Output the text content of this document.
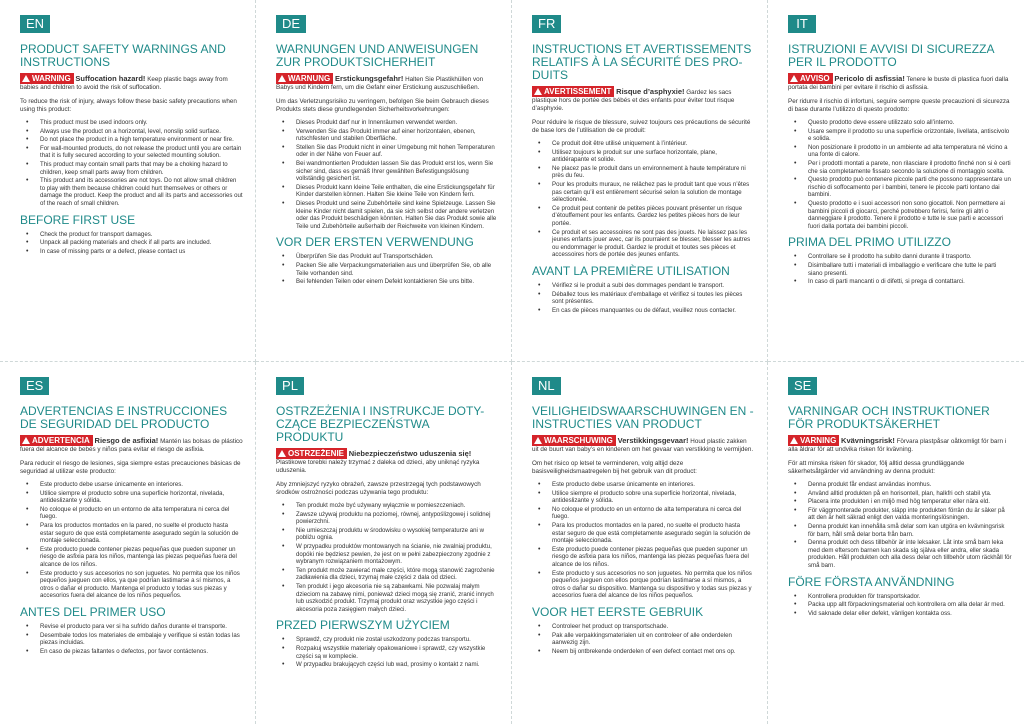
EN
PRODUCT SAFETY WARNINGS AND INSTRUCTIONS
WARNING Suffocation hazard! Keep plastic bags away from babies and children to avoid the risk of suffocation.

To reduce the risk of injury, always follow these basic safety precautions when using this product:

• This product must be used indoors only.
• Always use the product on a horizontal, level, nonslip solid surface.
• Do not place the product in a high temperature environment or near fire.
• For wall-mounted products, do not release the product until you are certain that it is fully secured according to your selected mounting solution.
• This product may contain small parts that may be a choking hazard to children, keep small parts away from children.
• This product and its accessories are not toys. Do not allow small children to play with them because children could hurt themselves or others or damage the product. Keep the product and all its parts and accessories out of the reach of small children.
BEFORE FIRST USE
• Check the product for transport damages.
• Unpack all packing materials and check if all parts are included.
• In case of missing parts or a defect, please contact us
DE
WARNUNGEN UND ANWEISUNGEN ZUR PRODUKTSICHERHEIT
WARNUNG Erstickungsgefahr! Halten Sie Plastikhüllen von Babys und Kindern fern, um die Gefahr einer Erstickung auszuschließen.

Um das Verletzungsrisiko zu verringern, befolgen Sie beim Gebrauch dieses Produkts stets diese grundlegenden Sicherheitsvorkehrungen:

• Dieses Produkt darf nur in Innenräumen verwendet werden.
• Verwenden Sie das Produkt immer auf einer horizontalen, ebenen, rutschfesten und stabilen Oberfläche.
• Stellen Sie das Produkt nicht in einer Umgebung mit hohen Temperaturen oder in der Nähe von Feuer auf.
• Bei wandmontierten Produkten lassen Sie das Produkt erst los, wenn Sie sicher sind, dass es gemäß Ihrer gewählten Befestigungslösung vollständig gesichert ist.
• Dieses Produkt kann kleine Teile enthalten, die eine Erstickungsgefahr für Kinder darstellen können. Halten Sie kleine Teile von Kindern fern.
• Dieses Produkt und seine Zubehörteile sind keine Spielzeuge. Lassen Sie kleine Kinder nicht damit spielen, da sie sich selbst oder andere verletzen oder das Produkt beschädigen könnten. Halten Sie das Produkt sowie alle Teile und Zubehörteile außerhalb der Reichweite von kleinen Kindern.
VOR DER ERSTEN VERWENDUNG
• Überprüfen Sie das Produkt auf Transportschäden.
• Packen Sie alle Verpackungsmaterialien aus und überprüfen Sie, ob alle Teile vorhanden sind.
• Bei fehlenden Teilen oder einem Defekt kontaktieren Sie uns bitte.
FR
INSTRUCTIONS ET AVERTISSEMENTS RELATIFS À LA SÉCURITÉ DES PRO-DUITS
AVERTISSEMENT Risque d’asphyxie! Gardez les sacs plastique hors de portée des bébés et des enfants pour éviter tout risque d’asphyxie.

Pour réduire le risque de blessure, suivez toujours ces précautions de sécurité de base lors de l’utilisation de ce produit:

• Ce produit doit être utilisé uniquement à l’intérieur.
• Utilisez toujours le produit sur une surface horizontale, plane, antidérapante et solide.
• Ne placez pas le produit dans un environnement à haute température ni près du feu.
• Pour les produits muraux, ne relâchez pas le produit tant que vous n’êtes pas certain qu’il est entièrement sécurisé selon la solution de montage sélectionnée.
• Ce produit peut contenir de petites pièces pouvant présenter un risque d’étouffement pour les enfants. Gardez les petites pièces hors de leur portée.
• Ce produit et ses accessoires ne sont pas des jouets. Ne laissez pas les jeunes enfants jouer avec, car ils pourraient se blesser, blesser les autres ou endommager le produit. Gardez le produit et toutes ses pièces et accessoires hors de portée des jeunes enfants.
AVANT LA PREMIÈRE UTILISATION
• Vérifiez si le produit a subi des dommages pendant le transport.
• Déballez tous les matériaux d’emballage et vérifiez si toutes les pièces sont présentes.
• En cas de pièces manquantes ou de défaut, veuillez nous contacter.
IT
ISTRUZIONI E AVVISI DI SICUREZZA PER IL PRODOTTO
AVVISO Pericolo di asfissia! Tenere le buste di plastica fuori dalla portata dei bambini per evitare il rischio di asfissia.

Per ridurre il rischio di infortuni, seguire sempre queste precauzioni di sicurezza di base durante l’utilizzo di questo prodotto:

• Questo prodotto deve essere utilizzato solo all’interno.
• Usare sempre il prodotto su una superficie orizzontale, livellata, antiscivolo e solida.
• Non posizionare il prodotto in un ambiente ad alta temperatura né vicino a una fonte di calore.
• Per i prodotti montati a parete, non rilasciare il prodotto finché non si è certi che sia completamente fissato secondo la soluzione di montaggio scelta.
• Questo prodotto può contenere piccole parti che possono rappresentare un rischio di soffocamento per i bambini, tenere le piccole parti lontano dai bambini.
• Questo prodotto e i suoi accessori non sono giocattoli. Non permettere ai bambini piccoli di giocarci, perché potrebbero ferirsi, ferire gli altri o danneggiare il prodotto. Tenere il prodotto e tutte le sue parti e accessori fuori dalla portata dei bambini piccoli.
PRIMA DEL PRIMO UTILIZZO
• Controllare se il prodotto ha subito danni durante il trasporto.
• Disimballare tutti i materiali di imballaggio e verificare che tutte le parti siano presenti.
• In caso di parti mancanti o di difetti, si prega di contattarci.
ES
ADVERTENCIAS E INSTRUCCIONES DE SEGURIDAD DEL PRODUCTO
ADVERTENCIA Riesgo de asfixia! Mantén las bolsas de plástico fuera del alcance de bebés y niños para evitar el riesgo de asfixia.

Para reducir el riesgo de lesiones, siga siempre estas precauciones básicas de seguridad al utilizar este producto:

• Este producto debe usarse únicamente en interiores.
• Utilice siempre el producto sobre una superficie horizontal, nivelada, antideslizante y sólida.
• No coloque el producto en un entorno de alta temperatura ni cerca del fuego.
• Para los productos montados en la pared, no suelte el producto hasta estar seguro de que está completamente asegurado según la solución de montaje seleccionada.
• Este producto puede contener piezas pequeñas que pueden suponer un riesgo de asfixia para los niños, mantenga las piezas pequeñas fuera del alcance de los niños.
• Este producto y sus accesorios no son juguetes. No permita que los niños pequeños jueguen con ellos, ya que podrían lastimarse a sí mismos, a otros o dañar el producto. Mantenga el producto y todas sus piezas y accesorios fuera del alcance de los niños pequeños.
ANTES DEL PRIMER USO
• Revise el producto para ver si ha sufrido daños durante el transporte.
• Desembale todos los materiales de embalaje y verifique si están todas las piezas incluidas.
• En caso de piezas faltantes o defectos, por favor contáctenos.
PL
OSTRZEŻENIA I INSTRUKCJE DOTY-CZĄCE BEZPIECZEŃSTWA PRODUKTU
OSTRZEŻENIE Niebezpieczeństwo uduszenia się! Plastikowe torebki należy trzymać z daleka od dzieci, aby uniknąć ryzyka uduszenia.

Aby zmniejszyć ryzyko obrażeń, zawsze przestrzegaj tych podstawowych środków ostrożności podczas używania tego produktu:

• Ten produkt może być używany wyłącznie w pomieszczeniach.
• Zawsze używaj produktu na poziomej, równej, antypoślizgowej i solidnej powierzchni.
• Nie umieszczaj produktu w środowisku o wysokiej temperaturze ani w pobliżu ognia.
• W przypadku produktów montowanych na ścianie, nie zwalniaj produktu, dopóki nie będziesz pewien, że jest on w pełni zabezpieczony zgodnie z wybranym rozwiązaniem montażowym.
• Ten produkt może zawierać małe części, które mogą stanowić zagrożenie zadławienia dla dzieci, trzymaj małe części z dala od dzieci.
• Ten produkt i jego akcesoria nie są zabawkami. Nie pozwalaj małym dzieciom na zabawę nimi, ponieważ dzieci mogą się zranić, zranić innych lub uszkodzić produkt. Trzymaj produkt oraz wszystkie jego części i akcesoria poza zasięgiem małych dzieci.
PRZED PIERWSZYM UŻYCIEM
• Sprawdź, czy produkt nie został uszkodzony podczas transportu.
• Rozpakuj wszystkie materiały opakowaniowe i sprawdź, czy wszystkie części są w komplecie.
• W przypadku brakujących części lub wad, prosimy o kontakt z nami.
NL
VEILIGHEIDSWAARSCHUWINGEN EN -INSTRUCTIES VAN PRODUCT
WAARSCHUWING Verstikkingsgevaar! Houd plastic zakken uit de buurt van baby’s en kinderen om het gevaar van verstikking te vermijden.

Om het risico op letsel te verminderen, volg altijd deze basisveiligheidsmaatregelen bij het gebruik van dit product:

• Este producto debe usarse únicamente en interiores.
• Utilice siempre el producto sobre una superficie horizontal, nivelada, antideslizante y sólida.
• No coloque el producto en un entorno de alta temperatura ni cerca del fuego.
• Para los productos montados en la pared, no suelte el producto hasta estar seguro de que está completamente asegurado según la solución de montaje seleccionada.
• Este producto puede contener piezas pequeñas que pueden suponer un riesgo de asfixia para los niños, mantenga las piezas pequeñas fuera del alcance de los niños.
• Este producto y sus accesorios no son juguetes. No permita que los niños pequeños jueguen con ellos porque podrían lastimarse a sí mismos, a otros o dañar su dispositivo. Mantenga su dispositivo y todas sus piezas y accesorios fuera del alcance de los niños pequeños.
VOOR HET EERSTE GEBRUIK
• Controleer het product op transportschade.
• Pak alle verpakkingsmaterialen uit en controleer of alle onderdelen aanwezig zijn.
• Neem bij ontbrekende onderdelen of een defect contact met ons op.
SE
VARNINGAR OCH INSTRUKTIONER FÖR PRODUKTSÄKERHET
VARNING Kvävningsrisk! Förvara plastpåsar oåtkomligt för barn i alla åldrar för att undvika risken för kvävning.

För att minska risken för skador, följ alltid dessa grundläggande säkerhetsåtgärder vid användning av denna produkt:

• Denna produkt får endast användas inomhus.
• Använd alltid produkten på en horisontell, plan, halkfri och stabil yta.
• Placera inte produkten i en miljö med hög temperatur eller nära eld.
• För väggmonterade produkter, släpp inte produkten förrän du är säker på att den är helt säkrad enligt den valda monteringslösningen.
• Denna produkt kan innehålla små delar som kan utgöra en kvävningsrisk för barn, håll små delar borta från barn.
• Denna produkt och dess tillbehör är inte leksaker. Låt inte små barn leka med dem eftersom barnen kan skada sig själva eller andra, eller skada produkten. Håll produkten och alla dess delar och tillbehör utom räckhåll för små barn.
FÖRE FÖRSTA ANVÄNDNING
• Kontrollera produkten för transportskador.
• Packa upp allt förpackningsmaterial och kontrollera om alla delar är med.
• Vid saknade delar eller defekt, vänligen kontakta oss.
